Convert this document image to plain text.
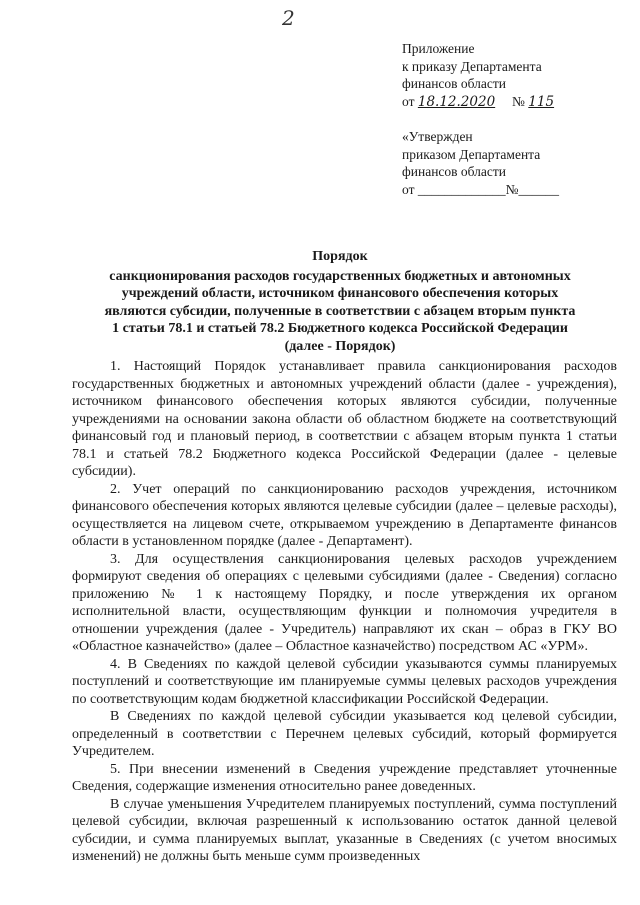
2
Приложение
к приказу Департамента
финансов области
от 18.12.2020 № 115
«Утвержден
приказом Департамента
финансов области
от _____________№______
Порядок
санкционирования расходов государственных бюджетных и автономных
учреждений области, источником финансового обеспечения которых
являются субсидии, полученные в соответствии с абзацем вторым пункта
1 статьи 78.1 и статьей 78.2 Бюджетного кодекса Российской Федерации
(далее - Порядок)

1. Настоящий Порядок устанавливает правила санкционирования расходов государственных бюджетных и автономных учреждений области (далее - учреждения), источником финансового обеспечения которых являются субсидии, полученные учреждениями на основании закона области об областном бюджете на соответствующий финансовый год и плановый период, в соответствии с абзацем вторым пункта 1 статьи 78.1 и статьей 78.2 Бюджетного кодекса Российской Федерации (далее - целевые субсидии).

2. Учет операций по санкционированию расходов учреждения, источником финансового обеспечения которых являются целевые субсидии (далее – целевые расходы), осуществляется на лицевом счете, открываемом учреждению в Департаменте финансов области в установленном порядке (далее - Департамент).

3. Для осуществления санкционирования целевых расходов учреждением формируют сведения об операциях с целевыми субсидиями (далее - Сведения) согласно приложению № 1 к настоящему Порядку, и после утверждения их органом исполнительной власти, осуществляющим функции и полномочия учредителя в отношении учреждения (далее - Учредитель) направляют их скан – образ в ГКУ ВО «Областное казначейство» (далее – Областное казначейство) посредством АС «УРМ».

4. В Сведениях по каждой целевой субсидии указываются суммы планируемых поступлений и соответствующие им планируемые суммы целевых расходов учреждения по соответствующим кодам бюджетной классификации Российской Федерации.

В Сведениях по каждой целевой субсидии указывается код целевой субсидии, определенный в соответствии с Перечнем целевых субсидий, который формируется Учредителем.

5. При внесении изменений в Сведения учреждение представляет уточненные Сведения, содержащие изменения относительно ранее доведенных.

В случае уменьшения Учредителем планируемых поступлений, сумма поступлений целевой субсидии, включая разрешенный к использованию остаток данной целевой субсидии, и сумма планируемых выплат, указанные в Сведениях (с учетом вносимых изменений) не должны быть меньше сумм произведенных
